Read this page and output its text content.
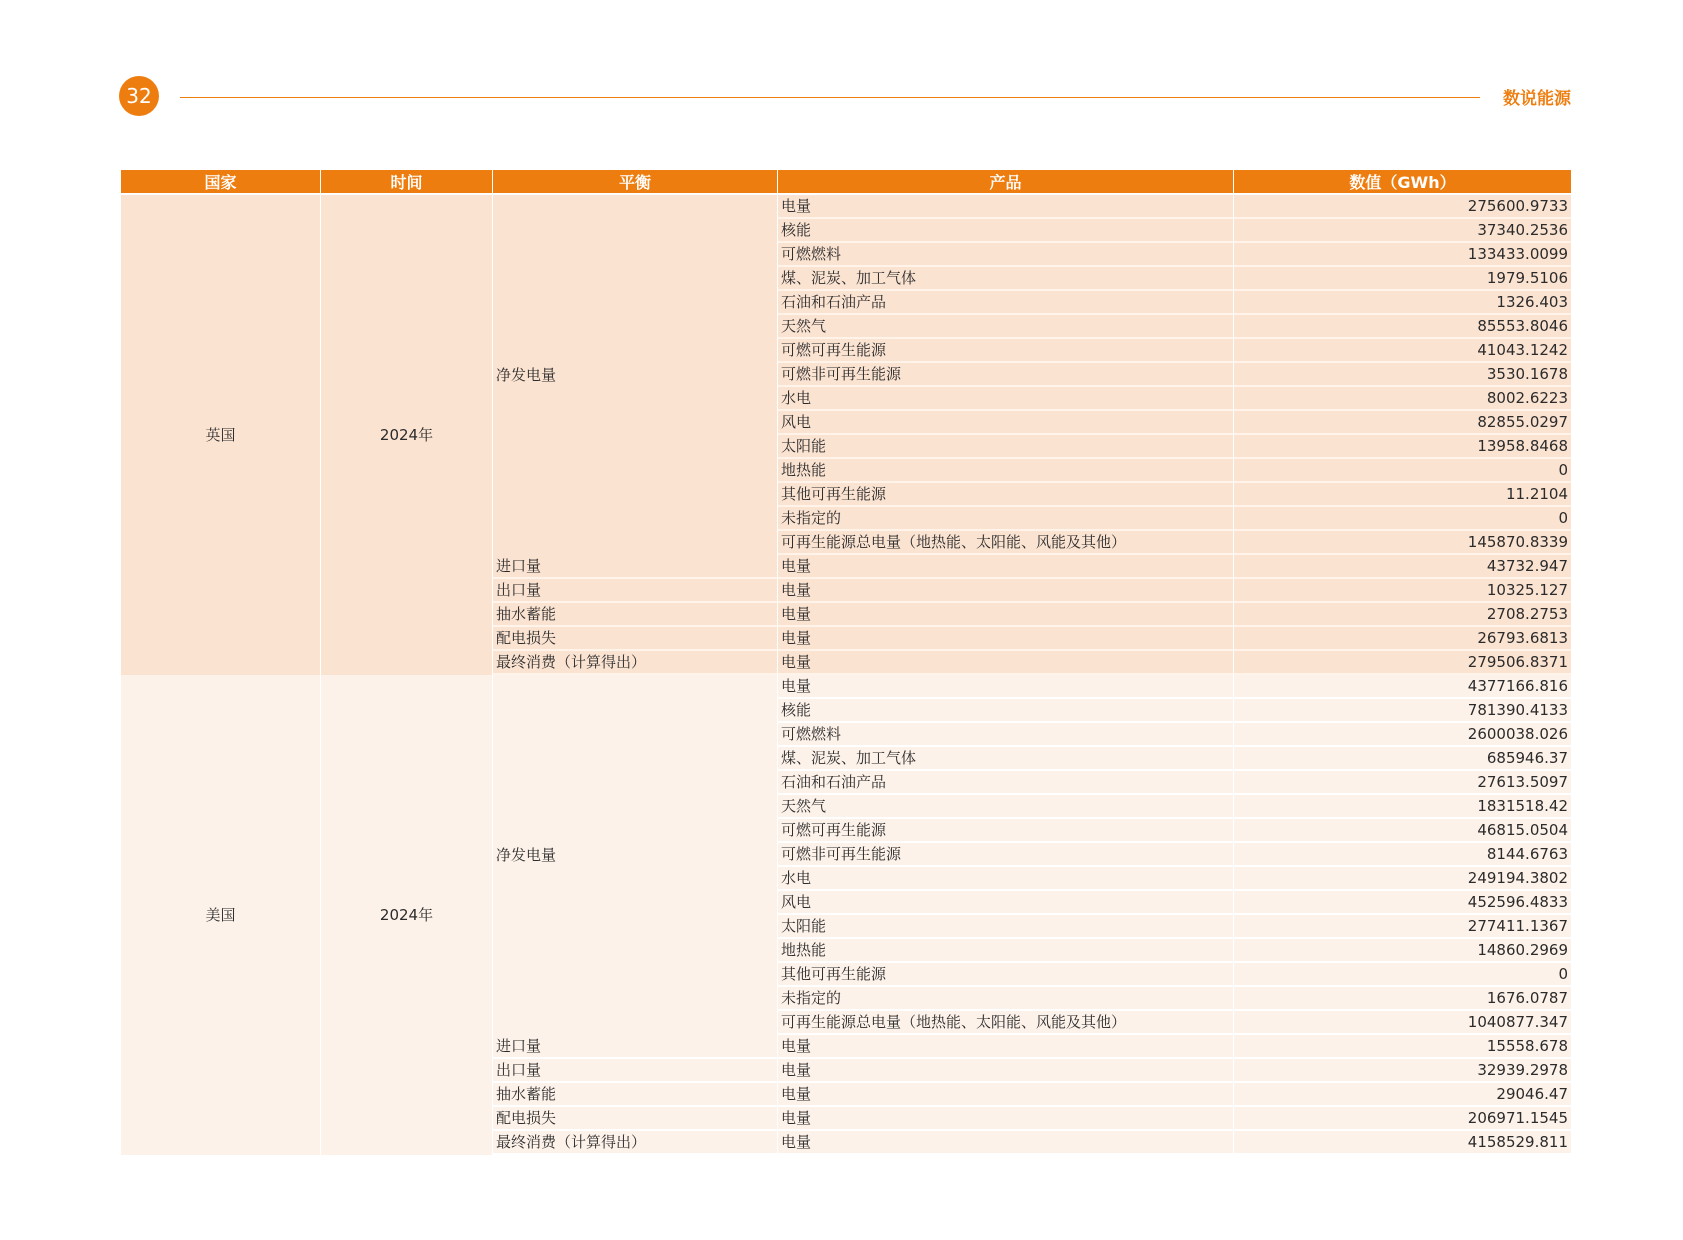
32	数说能源
国家	时间	平衡	产品	数值（GWh）
英国	2024年	净发电量	电量	275600.9733
			核能	37340.2536
			可燃燃料	133433.0099
			煤、泥炭、加工气体	1979.5106
			石油和石油产品	1326.403
			天然气	85553.8046
			可燃可再生能源	41043.1242
			可燃非可再生能源	3530.1678
			水电	8002.6223
			风电	82855.0297
			太阳能	13958.8468
			地热能	0
			其他可再生能源	11.2104
			未指定的	0
			可再生能源总电量（地热能、太阳能、风能及其他）	145870.8339
		进口量	电量	43732.947
		出口量	电量	10325.127
		抽水蓄能	电量	2708.2753
		配电损失	电量	26793.6813
		最终消费（计算得出）	电量	279506.8371
美国	2024年	净发电量	电量	4377166.816
			核能	781390.4133
			可燃燃料	2600038.026
			煤、泥炭、加工气体	685946.37
			石油和石油产品	27613.5097
			天然气	1831518.42
			可燃可再生能源	46815.0504
			可燃非可再生能源	8144.6763
			水电	249194.3802
			风电	452596.4833
			太阳能	277411.1367
			地热能	14860.2969
			其他可再生能源	0
			未指定的	1676.0787
			可再生能源总电量（地热能、太阳能、风能及其他）	1040877.347
		进口量	电量	15558.678
		出口量	电量	32939.2978
		抽水蓄能	电量	29046.47
		配电损失	电量	206971.1545
		最终消费（计算得出）	电量	4158529.811
